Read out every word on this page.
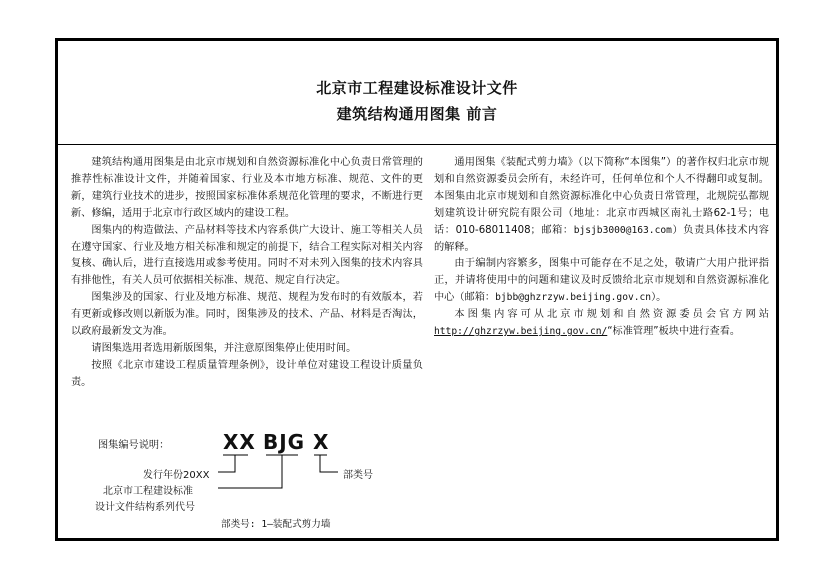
北京市工程建设标准设计文件
建筑结构通用图集 前言

建筑结构通用图集是由北京市规划和自然资源标准化中心负责日常管理的推荐性标准设计文件，并随着国家、行业及本市地方标准、规范、文件的更新，建筑行业技术的进步，按照国家标准体系规范化管理的要求，不断进行更新、修编，适用于北京市行政区域内的建设工程。

图集内的构造做法、产品材料等技术内容系供广大设计、施工等相关人员在遵守国家、行业及地方相关标准和规定的前提下，结合工程实际对相关内容复核、确认后，进行直接选用或参考使用。同时不对未列入图集的技术内容具有排他性，有关人员可依据相关标准、规范、规定自行决定。

图集涉及的国家、行业及地方标准、规范、规程为发布时的有效版本，若有更新或修改则以新版为准。同时，图集涉及的技术、产品、材料是否淘汰，以政府最新发文为准。

请图集选用者选用新版图集，并注意原图集停止使用时间。

按照《北京市建设工程质量管理条例》，设计单位对建设工程设计质量负责。

图集编号说明：	XX BJG X
发行年份20XX
北京市工程建设标准
设计文件结构系列代号
部类号
部类号: 1—装配式剪力墙

通用图集《装配式剪力墙》（以下简称“本图集”）的著作权归北京市规划和自然资源委员会所有，未经许可，任何单位和个人不得翻印或复制。本图集由北京市规划和自然资源标准化中心负责日常管理，北规院弘都规划建筑设计研究院有限公司（地址：北京市西城区南礼士路62-1号；电话：010-68011408；邮箱：bjsjb3000@163.com）负责具体技术内容的解释。

由于编制内容繁多，图集中可能存在不足之处，敬请广大用户批评指正，并请将使用中的问题和建议及时反馈给北京市规划和自然资源标准化中心（邮箱：bjbb@ghzrzyw.beijing.gov.cn）。

本图集内容可从北京市规划和自然资源委员会官方网站http://ghzrzyw.beijing.gov.cn/“标准管理”板块中进行查看。
